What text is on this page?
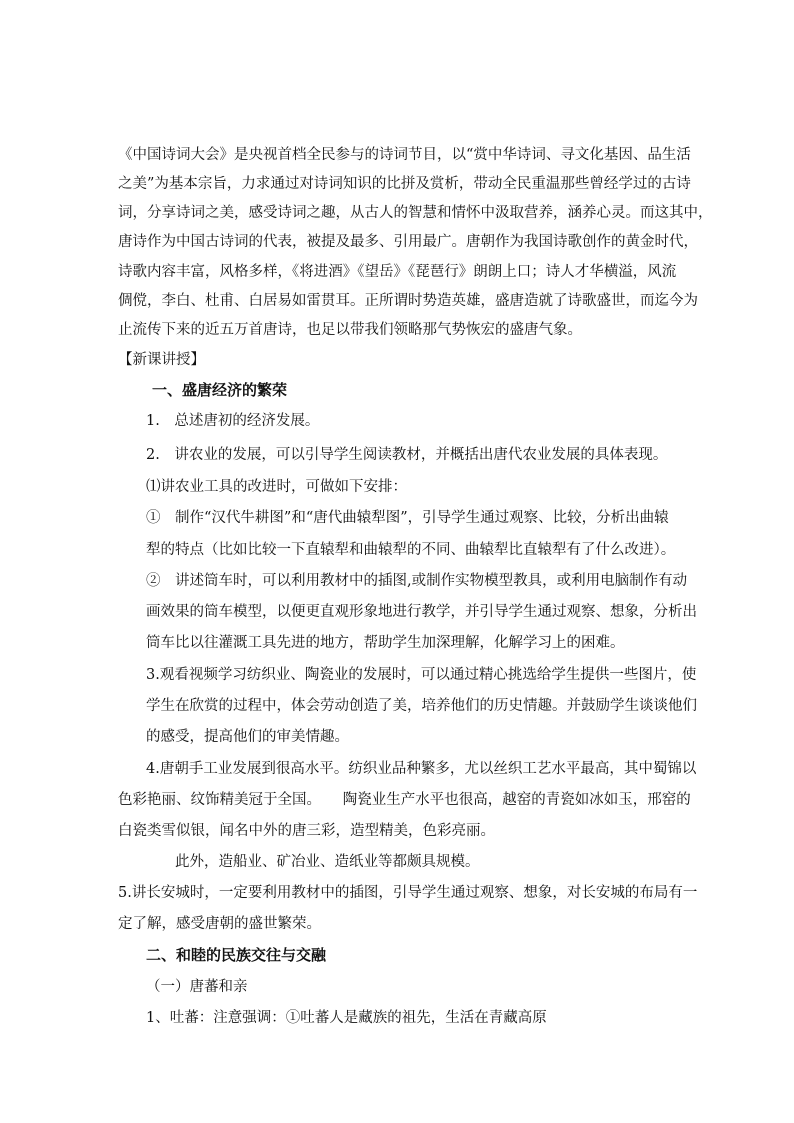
《中国诗词大会》是央视首档全民参与的诗词节目，以“赏中华诗词、寻文化基因、品生活
之美”为基本宗旨，力求通过对诗词知识的比拼及赏析，带动全民重温那些曾经学过的古诗
词，分享诗词之美，感受诗词之趣，从古人的智慧和情怀中汲取营养，涵养心灵。而这其中，
唐诗作为中国古诗词的代表，被提及最多、引用最广。唐朝作为我国诗歌创作的黄金时代，
诗歌内容丰富，风格多样，《将进酒》《望岳》《琵琶行》朗朗上口；诗人才华横溢，风流
倜傥，李白、杜甫、白居易如雷贯耳。正所谓时势造英雄，盛唐造就了诗歌盛世，而迄今为
止流传下来的近五万首唐诗，也足以带我们领略那气势恢宏的盛唐气象。
【新课讲授】
一、盛唐经济的繁荣
1.　总述唐初的经济发展。
2.　讲农业的发展，可以引导学生阅读教材，并概括出唐代农业发展的具体表现。
⑴讲农业工具的改进时，可做如下安排：
①　制作“汉代牛耕图”和“唐代曲辕犁图”，引导学生通过观察、比较，分析出曲辕
犁的特点（比如比较一下直辕犁和曲辕犁的不同、曲辕犁比直辕犁有了什么改进）。
②　讲述筒车时，可以利用教材中的插图,或制作实物模型教具，或利用电脑制作有动
画效果的筒车模型，以便更直观形象地进行教学，并引导学生通过观察、想象，分析出
筒车比以往灌溉工具先进的地方，帮助学生加深理解，化解学习上的困难。
3.观看视频学习纺织业、陶瓷业的发展时，可以通过精心挑选给学生提供一些图片，使
学生在欣赏的过程中，体会劳动创造了美，培养他们的历史情趣。并鼓励学生谈谈他们
的感受，提高他们的审美情趣。
4.唐朝手工业发展到很高水平。纺织业品种繁多，尤以丝织工艺水平最高，其中蜀锦以
色彩艳丽、纹饰精美冠于全国。　　陶瓷业生产水平也很高，越窑的青瓷如冰如玉，邢窑的
白瓷类雪似银，闻名中外的唐三彩，造型精美，色彩亮丽。
此外，造船业、矿冶业、造纸业等都颇具规模。
5.讲长安城时，一定要利用教材中的插图，引导学生通过观察、想象，对长安城的布局有一
定了解，感受唐朝的盛世繁荣。
二、和睦的民族交往与交融
（一）唐蕃和亲
1、吐蕃：注意强调：①吐蕃人是藏族的祖先，生活在青藏高原
